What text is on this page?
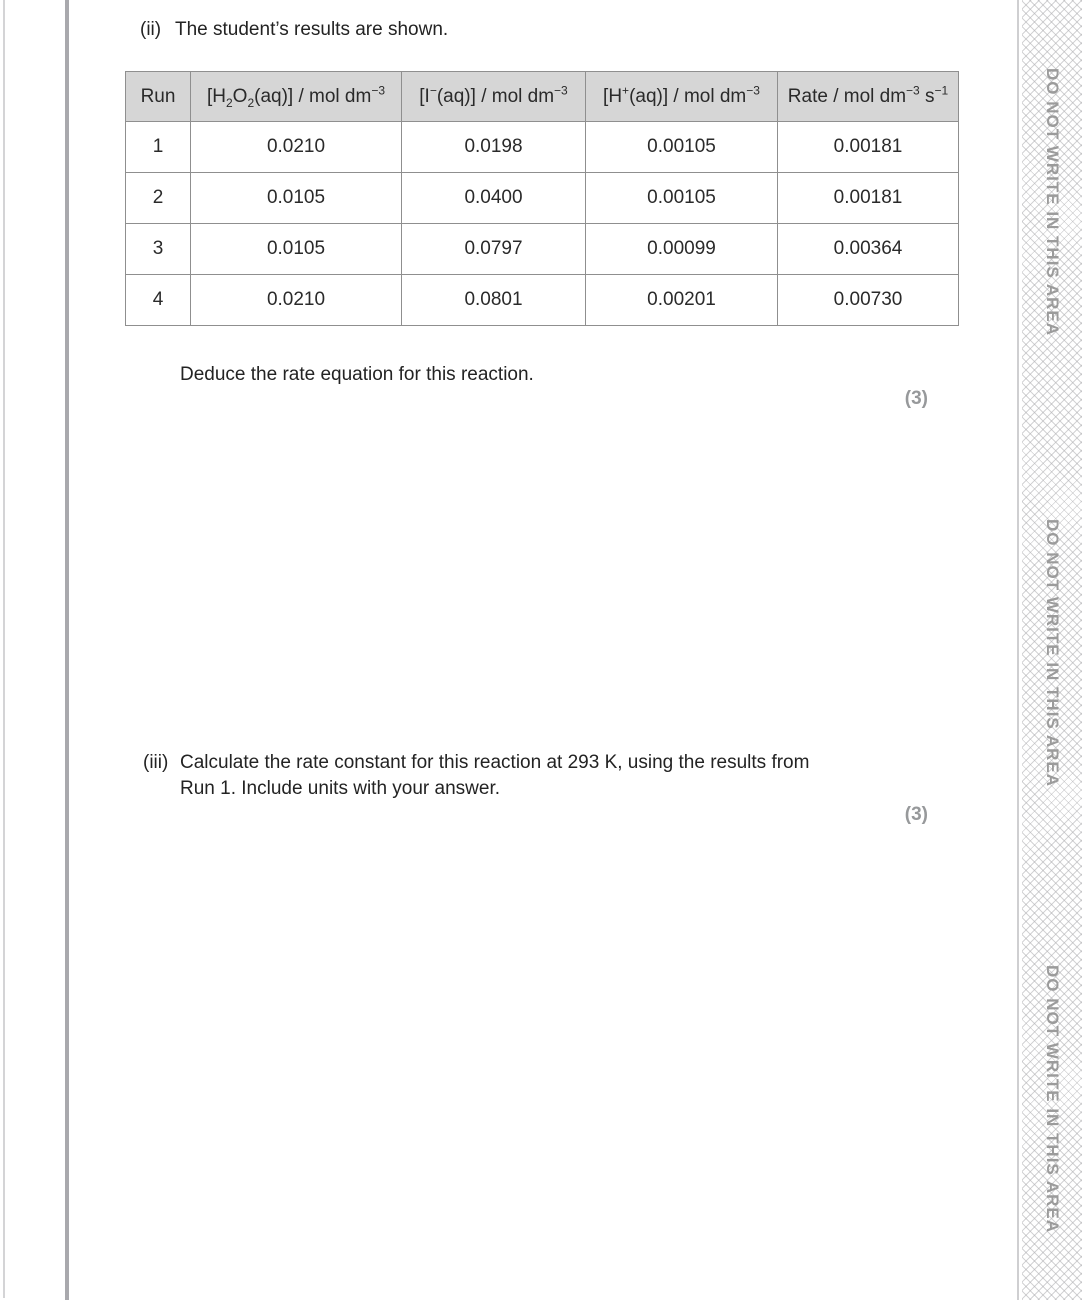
DO NOT WRITE IN THIS AREA
DO NOT WRITE IN THIS AREA
DO NOT WRITE IN THIS AREA
(ii) The student’s results are shown.
Run	$[H_2O_2(aq)]$ / mol $dm^{-3}$	[I−(aq)] / mol $dm^{-3}$	[H+(aq)] / mol $dm^{-3}$	Rate / mol $dm^{-3}$ $s^{-1}$
1	0.0210	0.0198	0.00105	0.00181
2	0.0105	0.0400	0.00105	0.00181
3	0.0105	0.0797	0.00099	0.00364
4	0.0210	0.0801	0.00201	0.00730
Deduce the rate equation for this reaction.
(3)
(iii) Calculate the rate constant for this reaction at 293 K, using the results from
Run 1. Include units with your answer.
(3)
